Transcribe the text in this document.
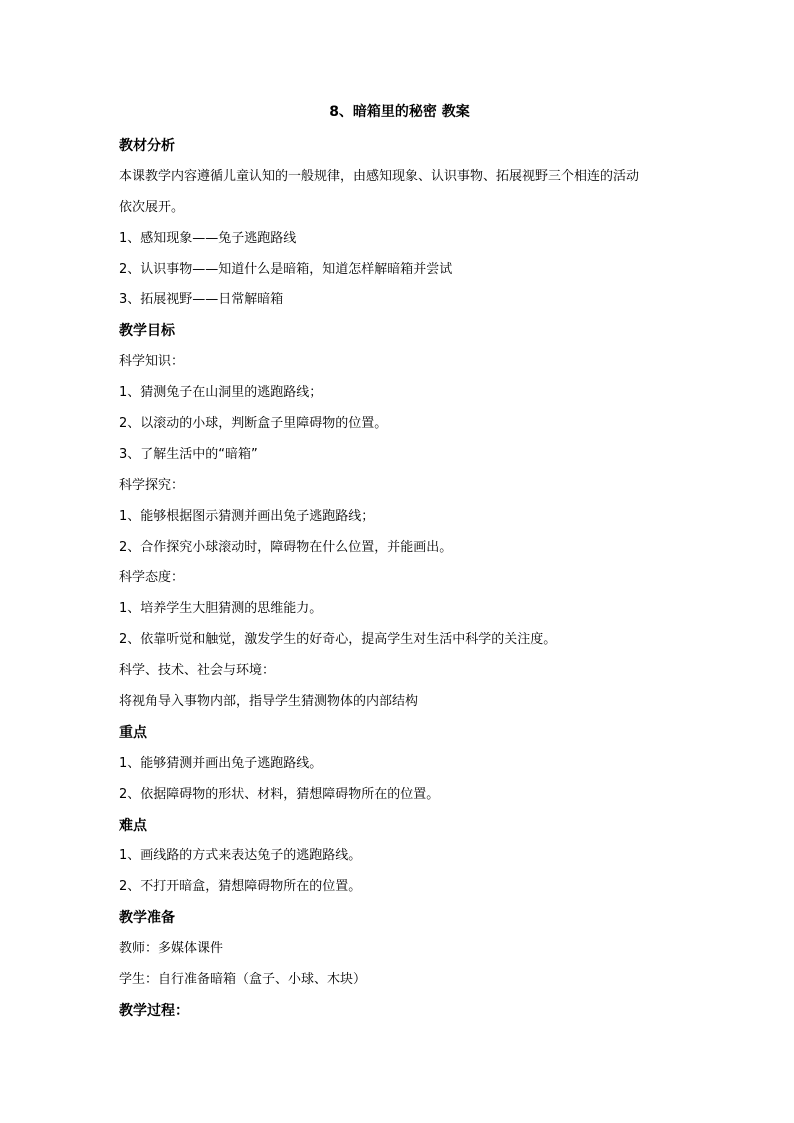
8、暗箱里的秘密 教案
教材分析
本课教学内容遵循儿童认知的一般规律，由感知现象、认识事物、拓展视野三个相连的活动
依次展开。
1、感知现象——兔子逃跑路线
2、认识事物——知道什么是暗箱，知道怎样解暗箱并尝试
3、拓展视野——日常解暗箱
教学目标
科学知识：
1、猜测兔子在山洞里的逃跑路线；
2、以滚动的小球，判断盒子里障碍物的位置。
3、了解生活中的“暗箱”
科学探究：
1、能够根据图示猜测并画出兔子逃跑路线；
2、合作探究小球滚动时，障碍物在什么位置，并能画出。
科学态度：
1、培养学生大胆猜测的思维能力。
2、依靠听觉和触觉，激发学生的好奇心，提高学生对生活中科学的关注度。
科学、技术、社会与环境：
将视角导入事物内部，指导学生猜测物体的内部结构
重点
1、能够猜测并画出兔子逃跑路线。
2、依据障碍物的形状、材料，猜想障碍物所在的位置。
难点
1、画线路的方式来表达兔子的逃跑路线。
2、不打开暗盒，猜想障碍物所在的位置。
教学准备
教师：多媒体课件
学生：自行准备暗箱（盒子、小球、木块）
教学过程：
